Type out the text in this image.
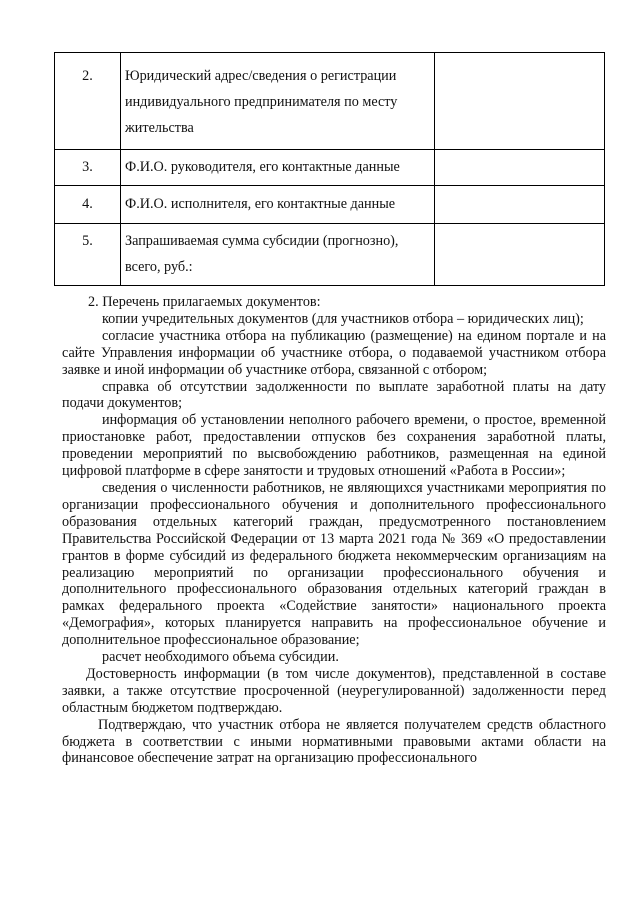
2.	Юридический адрес/сведения о регистрации индивидуального предпринимателя по месту жительства	
3.	Ф.И.О. руководителя, его контактные данные	
4.	Ф.И.О. исполнителя, его контактные данные	
5.	Запрашиваемая сумма субсидии (прогнозно), всего, руб.:	

2. Перечень прилагаемых документов:

копии учредительных документов (для участников отбора – юридических лиц);

согласие участника отбора на публикацию (размещение) на едином портале и на сайте Управления информации об участнике отбора, о подаваемой участником отбора заявке и иной информации об участнике отбора, связанной с отбором;

справка об отсутствии задолженности по выплате заработной платы на дату подачи документов;

информация об установлении неполного рабочего времени, о простое, временной приостановке работ, предоставлении отпусков без сохранения заработной платы, проведении мероприятий по высвобождению работников, размещенная на единой цифровой платформе в сфере занятости и трудовых отношений «Работа в России»;

сведения о численности работников, не являющихся участниками мероприятия по организации профессионального обучения и дополнительного профессионального образования отдельных категорий граждан, предусмотренного постановлением Правительства Российской Федерации от 13 марта 2021 года № 369 «О предоставлении грантов в форме субсидий из федерального бюджета некоммерческим организациям на реализацию мероприятий по организации профессионального обучения и дополнительного профессионального образования отдельных категорий граждан в рамках федерального проекта «Содействие занятости» национального проекта «Демография», которых планируется направить на профессиональное обучение и дополнительное профессиональное образование;

расчет необходимого объема субсидии.

Достоверность информации (в том числе документов), представленной в составе заявки, а также отсутствие просроченной (неурегулированной) задолженности перед областным бюджетом подтверждаю.

Подтверждаю, что участник отбора не является получателем средств областного бюджета в соответствии с иными нормативными правовыми актами области на финансовое обеспечение затрат на организацию профессионального
